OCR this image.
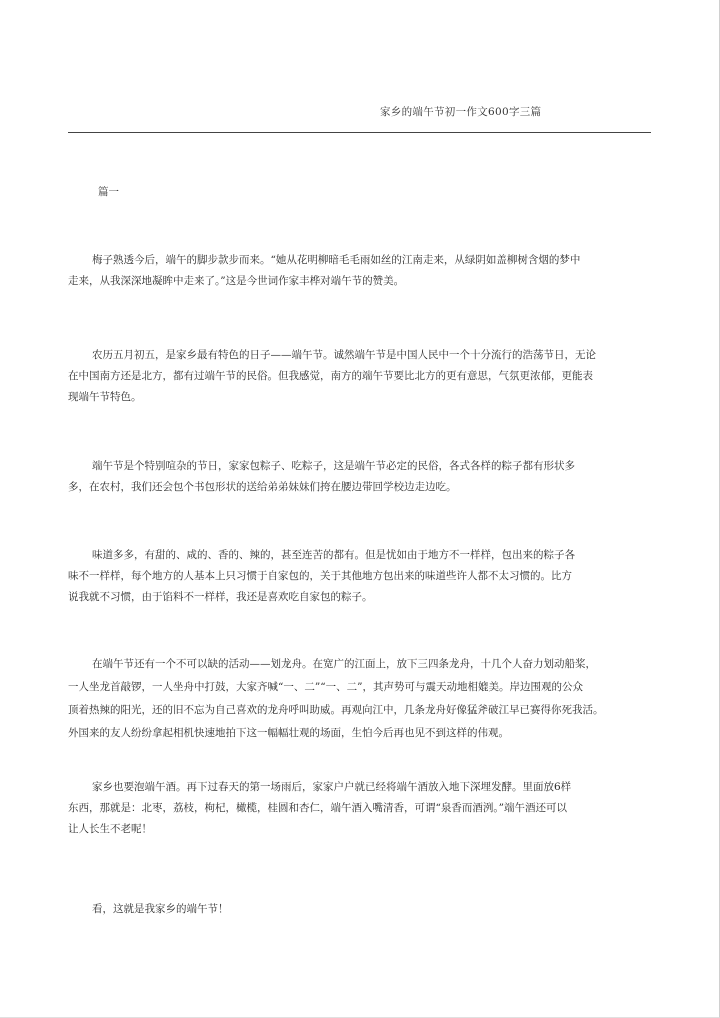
家乡的端午节初一作文600字三篇
篇一
梅子熟透今后，端午的脚步款步而来。“她从花明柳暗毛毛雨如丝的江南走来，从绿阴如盖柳树含烟的梦中
走来，从我深深地凝眸中走来了。”这是今世词作家丰桦对端午节的赞美。
农历五月初五，是家乡最有特色的日子——端午节。诚然端午节是中国人民中一个十分流行的浩荡节日，无论
在中国南方还是北方，都有过端午节的民俗。但我感觉，南方的端午节要比北方的更有意思，气氛更浓郁，更能表
现端午节特色。
端午节是个特别喧杂的节日，家家包粽子、吃粽子，这是端午节必定的民俗，各式各样的粽子都有形状多
多，在农村，我们还会包个书包形状的送给弟弟妹妹们挎在腰边带回学校边走边吃。
味道多多，有甜的、咸的、香的、辣的，甚至连苦的都有。但是忧如由于地方不一样样，包出来的粽子各
味不一样样，每个地方的人基本上只习惯于自家包的，关于其他地方包出来的味道些许人都不太习惯的。比方
说我就不习惯，由于馅料不一样样，我还是喜欢吃自家包的粽子。
在端午节还有一个不可以缺的活动——划龙舟。在宽广的江面上，放下三四条龙舟，十几个人奋力划动船桨，
一人坐龙首敲锣，一人坐舟中打鼓，大家齐喊“一、二”“一、二”，其声势可与震天动地相媲美。岸边围观的公众
顶着热辣的阳光，还的旧不忘为自己喜欢的龙舟呼叫助威。再观向江中，几条龙舟好像猛斧破江早已赛得你死我活。
外国来的友人纷纷拿起相机快速地拍下这一幅幅壮观的场面，生怕今后再也见不到这样的伟观。
家乡也要泡端午酒。再下过春天的第一场雨后，家家户户就已经将端午酒放入地下深埋发酵。里面放6样
东西，那就是：北枣，荔枝，枸杞，橄榄，桂圆和杏仁，端午酒入嘴清香，可谓“泉香而酒洌。”端午酒还可以
让人长生不老呢！
看，这就是我家乡的端午节！
